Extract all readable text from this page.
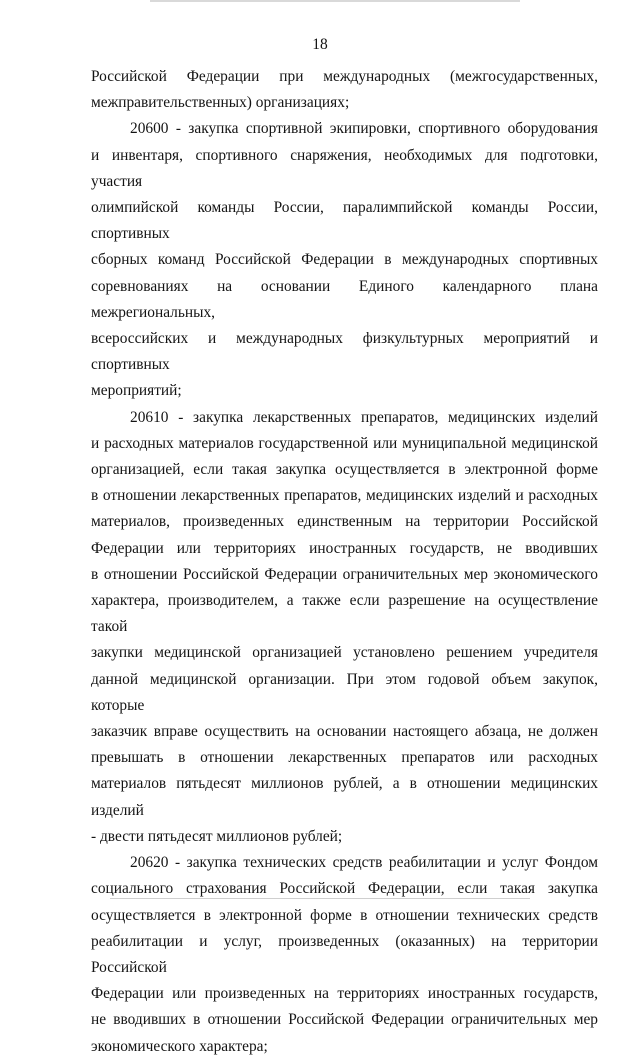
18

Российской Федерации при международных (межгосударственных,
межправительственных) организациях;

20600 - закупка спортивной экипировки, спортивного оборудования
и инвентаря, спортивного снаряжения, необходимых для подготовки, участия
олимпийской команды России, паралимпийской команды России, спортивных
сборных команд Российской Федерации в международных спортивных
соревнованиях на основании Единого календарного плана межрегиональных,
всероссийских и международных физкультурных мероприятий и спортивных
мероприятий;

20610 - закупка лекарственных препаратов, медицинских изделий
и расходных материалов государственной или муниципальной медицинской
организацией, если такая закупка осуществляется в электронной форме
в отношении лекарственных препаратов, медицинских изделий и расходных
материалов, произведенных единственным на территории Российской
Федерации или территориях иностранных государств, не вводивших
в отношении Российской Федерации ограничительных мер экономического
характера, производителем, а также если разрешение на осуществление такой
закупки медицинской организацией установлено решением учредителя
данной медицинской организации. При этом годовой объем закупок, которые
заказчик вправе осуществить на основании настоящего абзаца, не должен
превышать в отношении лекарственных препаратов или расходных
материалов пятьдесят миллионов рублей, а в отношении медицинских изделий
- двести пятьдесят миллионов рублей;

20620 - закупка технических средств реабилитации и услуг Фондом
социального страхования Российской Федерации, если такая закупка
осуществляется в электронной форме в отношении технических средств
реабилитации и услуг, произведенных (оказанных) на территории Российской
Федерации или произведенных на территориях иностранных государств,
не вводивших в отношении Российской Федерации ограничительных мер
экономического характера;
